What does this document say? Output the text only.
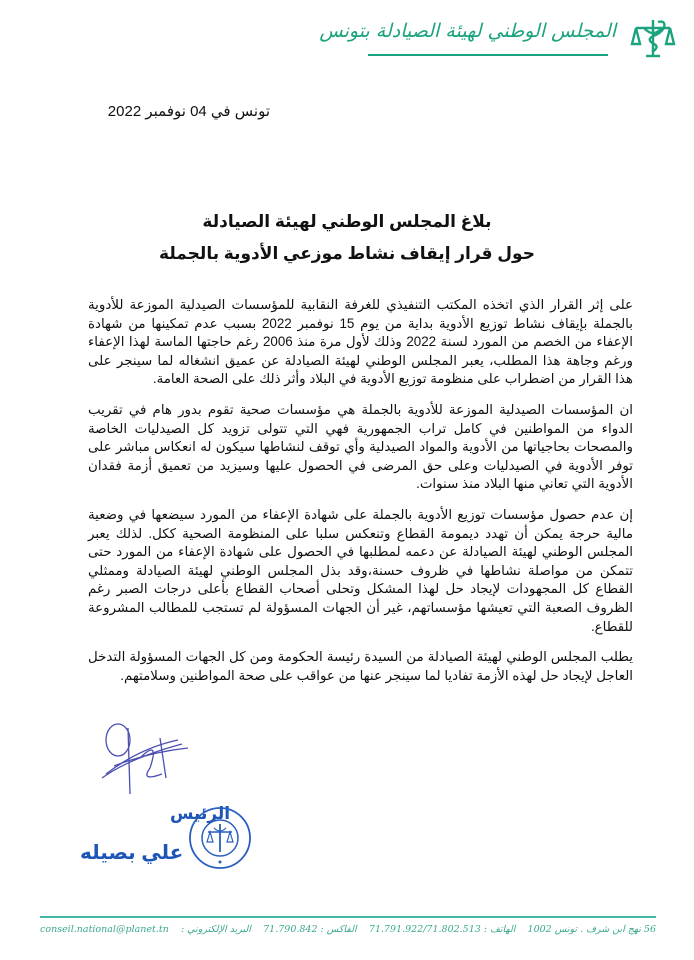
المجلس الوطني لهيئة الصيادلة بتونس
تونس في 04 نوفمبر 2022
بلاغ المجلس الوطني لهيئة الصيادلة
حول قرار إيقاف نشاط موزعي الأدوية بالجملة

على إثر القرار الذي اتخذه المكتب التنفيذي للغرفة النقابية للمؤسسات الصيدلية الموزعة للأدوية بالجملة بإيقاف نشاط توزيع الأدوية بداية من يوم 15 نوفمبر 2022 بسبب عدم تمكينها من شهادة الإعفاء من الخصم من المورد لسنة 2022 وذلك لأول مرة منذ 2006 رغم حاجتها الماسة لهذا الإعفاء ورغم وجاهة هذا المطلب، يعبر المجلس الوطني لهيئة الصيادلة عن عميق انشغاله لما سينجر على هذا القرار من اضطراب على منظومة توزيع الأدوية في البلاد وأثر ذلك على الصحة العامة.

ان المؤسسات الصيدلية الموزعة للأدوية بالجملة هي مؤسسات صحية تقوم بدور هام في تقريب الدواء من المواطنين في كامل تراب الجمهورية فهي التي تتولى تزويد كل الصيدليات الخاصة والمصحات بحاجياتها من الأدوية والمواد الصيدلية وأي توقف لنشاطها سيكون له انعكاس مباشر على توفر الأدوية في الصيدليات وعلى حق المرضى في الحصول عليها وسيزيد من تعميق أزمة فقدان الأدوية التي تعاني منها البلاد منذ سنوات.

إن عدم حصول مؤسسات توزيع الأدوية بالجملة على شهادة الإعفاء من المورد سيضعها في وضعية مالية حرجة يمكن أن تهدد ديمومة القطاع وتنعكس سلبا على المنظومة الصحية ككل. لذلك يعبر المجلس الوطني لهيئة الصيادلة عن دعمه لمطلبها في الحصول على شهادة الإعفاء من المورد حتى تتمكن من مواصلة نشاطها في ظروف حسنة،وقد بذل المجلس الوطني لهيئة الصيادلة وممثلي القطاع كل المجهودات لإيجاد حل لهذا المشكل وتحلى أصحاب القطاع بأعلى درجات الصبر رغم الظروف الصعبة التي تعيشها مؤسساتهم، غير أن الجهات المسؤولة لم تستجب للمطالب المشروعة للقطاع.

يطلب المجلس الوطني لهيئة الصيادلة من السيدة رئيسة الحكومة ومن كل الجهات المسؤولة التدخل العاجل لإيجاد حل لهذه الأزمة تفاديا لما سينجر عنها من عواقب على صحة المواطنين وسلامتهم.

الرئيس
علي بصيله
56 نهج ابن شرف . تونس 1002
الهاتف : 71.791.922/71.802.513
الفاكس : 71.790.842
البريد الإلكتروني :
conseil.national@planet.tn
